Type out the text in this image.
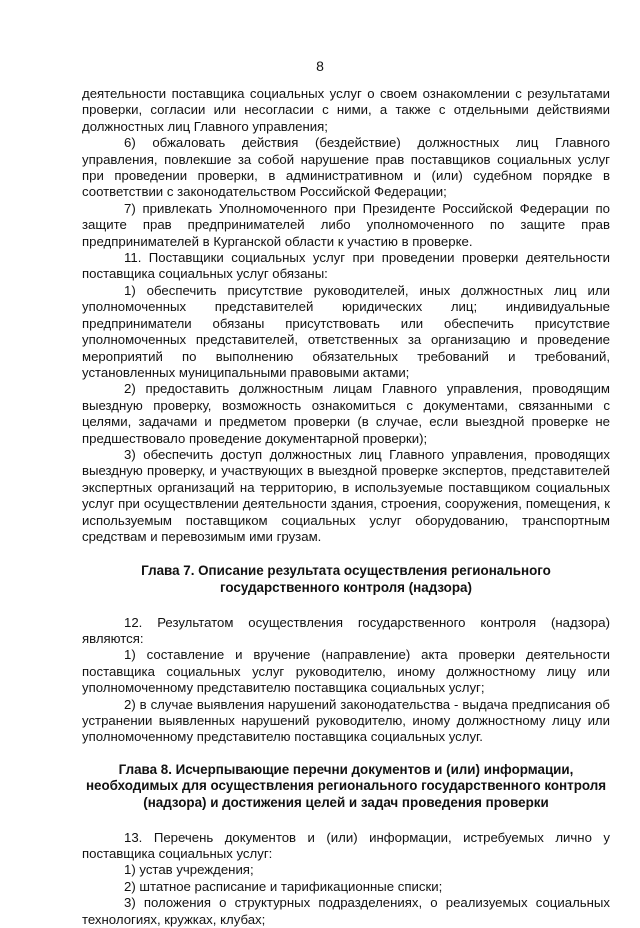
8

деятельности поставщика социальных услуг о своем ознакомлении с результатами проверки, согласии или несогласии с ними, а также с отдельными действиями должностных лиц Главного управления;

6) обжаловать действия (бездействие) должностных лиц Главного управления, повлекшие за собой нарушение прав поставщиков социальных услуг при проведении проверки, в административном и (или) судебном порядке в соответствии с законодательством Российской Федерации;

7) привлекать Уполномоченного при Президенте Российской Федерации по защите прав предпринимателей либо уполномоченного по защите прав предпринимателей в Курганской области к участию в проверке.

11. Поставщики социальных услуг при проведении проверки деятельности поставщика социальных услуг обязаны:

1) обеспечить присутствие руководителей, иных должностных лиц или уполномоченных представителей юридических лиц; индивидуальные предприниматели обязаны присутствовать или обеспечить присутствие уполномоченных представителей, ответственных за организацию и проведение мероприятий по выполнению обязательных требований и требований, установленных муниципальными правовыми актами;

2) предоставить должностным лицам Главного управления, проводящим выездную проверку, возможность ознакомиться с документами, связанными с целями, задачами и предметом проверки (в случае, если выездной проверке не предшествовало проведение документарной проверки);

3) обеспечить доступ должностных лиц Главного управления, проводящих выездную проверку, и участвующих в выездной проверке экспертов, представителей экспертных организаций на территорию, в используемые поставщиком социальных услуг при осуществлении деятельности здания, строения, сооружения, помещения, к используемым поставщиком социальных услуг оборудованию, транспортным средствам и перевозимым ими грузам.

Глава 7. Описание результата осуществления регионального государственного контроля (надзора)

12. Результатом осуществления государственного контроля (надзора) являются:

1) составление и вручение (направление) акта проверки деятельности поставщика социальных услуг руководителю, иному должностному лицу или уполномоченному представителю поставщика социальных услуг;

2) в случае выявления нарушений законодательства - выдача предписания об устранении выявленных нарушений руководителю, иному должностному лицу или уполномоченному представителю поставщика социальных услуг.

Глава 8. Исчерпывающие перечни документов и (или) информации, необходимых для осуществления регионального государственного контроля (надзора) и достижения целей и задач проведения проверки

13. Перечень документов и (или) информации, истребуемых лично у поставщика социальных услуг:

1) устав учреждения;

2) штатное расписание и тарификационные списки;

3) положения о структурных подразделениях, о реализуемых социальных технологиях, кружках, клубах;
